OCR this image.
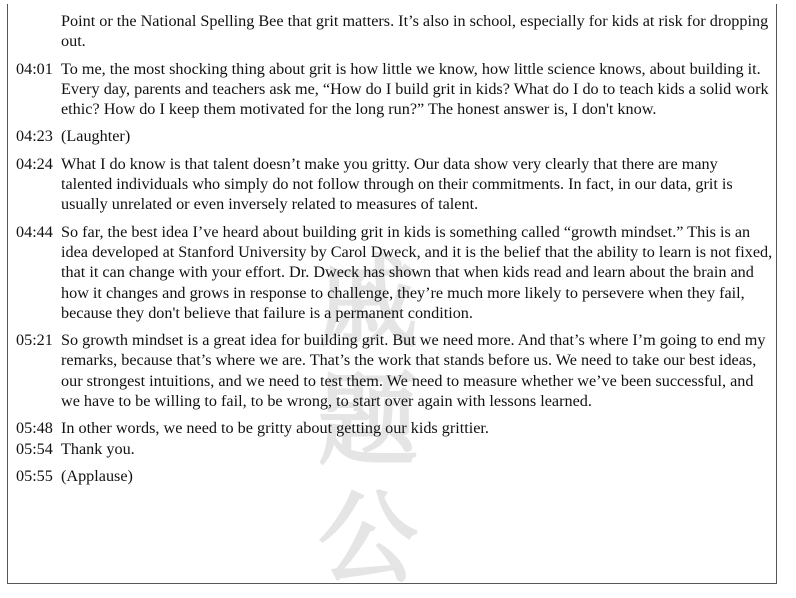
戚 题 公
Point or the National Spelling Bee that grit matters. It’s also in school, especially for kids at risk for dropping out.
04:01 To me, the most shocking thing about grit is how little we know, how little science knows, about building it. Every day, parents and teachers ask me, “How do I build grit in kids? What do I do to teach kids a solid work ethic? How do I keep them motivated for the long run?” The honest answer is, I don't know.
04:23 (Laughter)
04:24 What I do know is that talent doesn’t make you gritty. Our data show very clearly that there are many talented individuals who simply do not follow through on their commitments. In fact, in our data, grit is usually unrelated or even inversely related to measures of talent.
04:44 So far, the best idea I’ve heard about building grit in kids is something called “growth mindset.” This is an idea developed at Stanford University by Carol Dweck, and it is the belief that the ability to learn is not fixed, that it can change with your effort. Dr. Dweck has shown that when kids read and learn about the brain and how it changes and grows in response to challenge, they’re much more likely to persevere when they fail, because they don't believe that failure is a permanent condition.
05:21 So growth mindset is a great idea for building grit. But we need more. And that’s where I’m going to end my remarks, because that’s where we are. That’s the work that stands before us. We need to take our best ideas, our strongest intuitions, and we need to test them. We need to measure whether we’ve been successful, and we have to be willing to fail, to be wrong, to start over again with lessons learned.
05:48 In other words, we need to be gritty about getting our kids grittier.
05:54 Thank you.
05:55 (Applause)
